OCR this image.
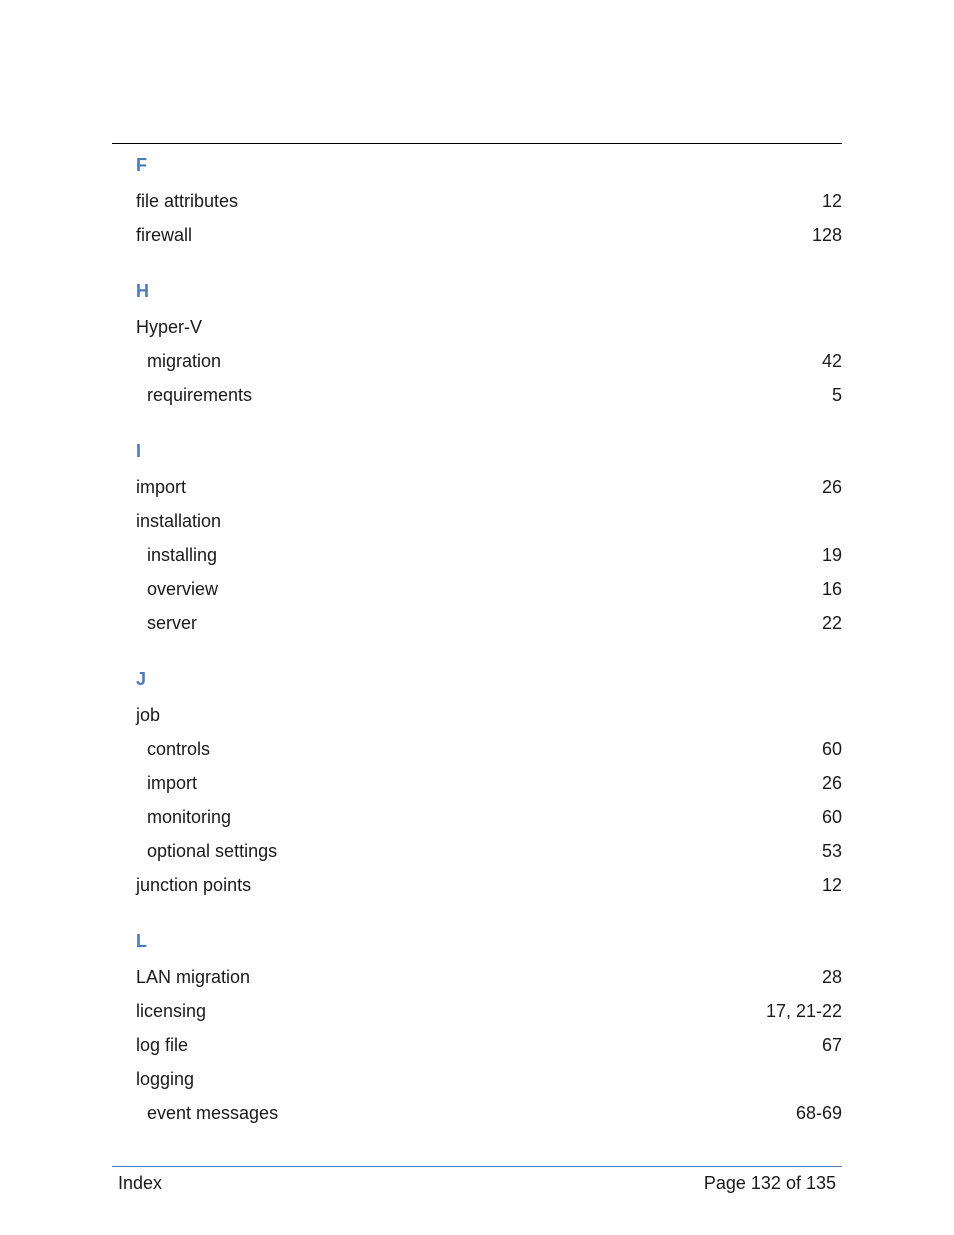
F
file attributes	12
firewall	128
H
Hyper-V
migration	42
requirements	5
I
import	26
installation
installing	19
overview	16
server	22
J
job
controls	60
import	26
monitoring	60
optional settings	53
junction points	12
L
LAN migration	28
licensing	17, 21-22
log file	67
logging
event messages	68-69
Index	Page 132 of 135
